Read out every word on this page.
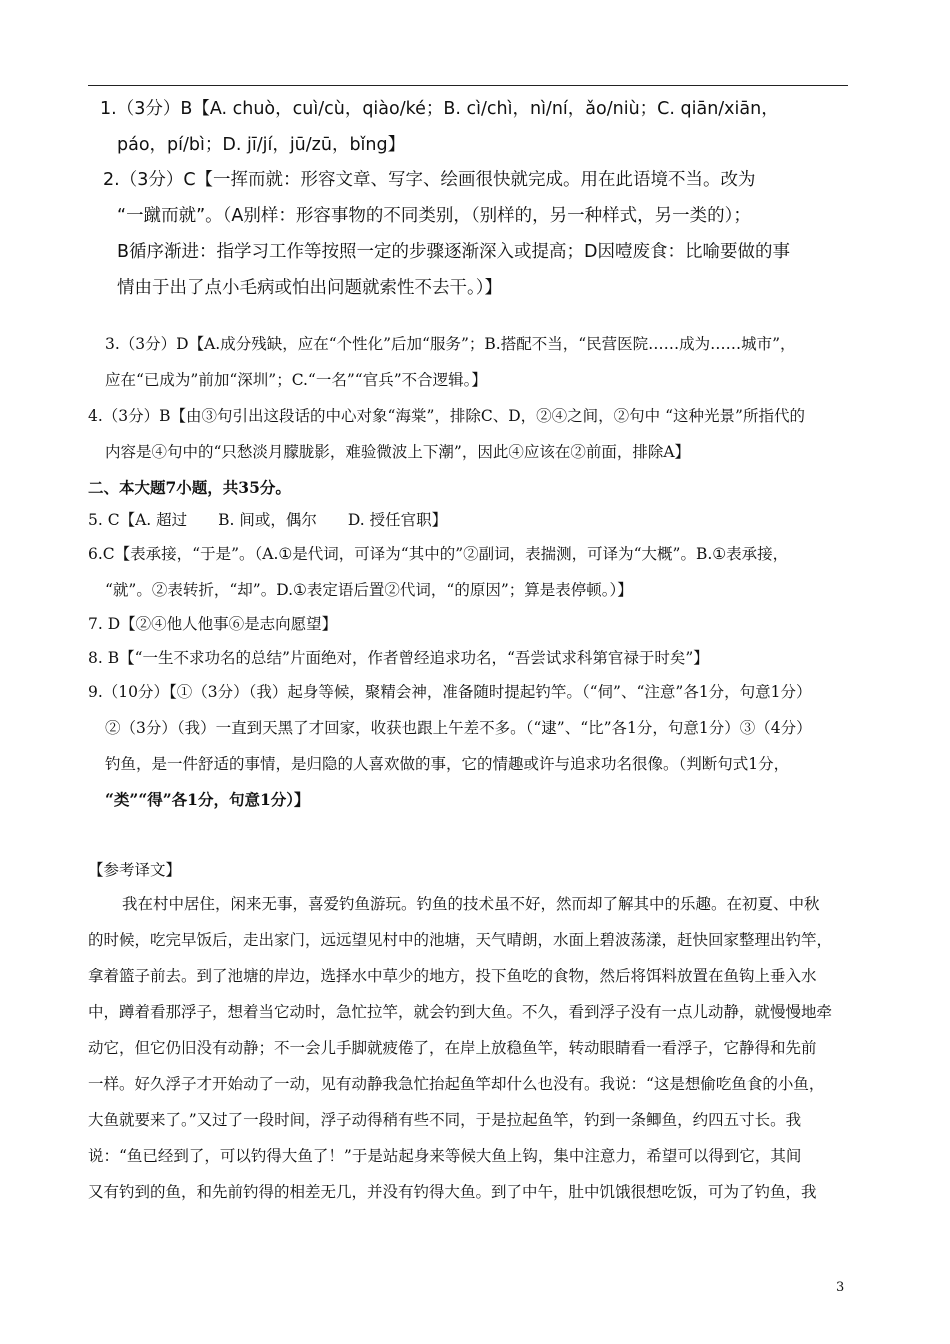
1.（3分）B【A. chuò，cuì/cù，qiào/ké；B. cì/chì，nì/ní，ǎo/niù；C. qiān/xiān，
páo，pí/bì；D. jī/jí，jū/zū，bǐng】
2.（3分）C【一挥而就：形容文章、写字、绘画很快就完成。用在此语境不当。改为
“一蹴而就”。（A别样：形容事物的不同类别，（别样的，另一种样式，另一类的）；
B循序渐进：指学习工作等按照一定的步骤逐渐深入或提高；D因噎废食：比喻要做的事
情由于出了点小毛病或怕出问题就索性不去干。）】
3.（3分）D【A.成分残缺，应在“个性化”后加“服务”；B.搭配不当，“民营医院……成为……城市”，
应在“已成为”前加“深圳”；C.“一名”“官兵”不合逻辑。】
4.（3分）B【由③句引出这段话的中心对象“海棠”，排除C、D，②④之间，②句中 “这种光景”所指代的
内容是④句中的“只愁淡月朦胧影，难验微波上下潮”，因此④应该在②前面，排除A】
二、本大题7小题，共35分。
5. C【A. 超过　　B. 间或，偶尔　　D. 授任官职】
6.C【表承接，“于是”。（A.①是代词，可译为“其中的”②副词，表揣测，可译为“大概”。B.①表承接，
“就”。②表转折，“却”。D.①表定语后置②代词，“的原因”；算是表停顿。）】
7. D【②④他人他事⑥是志向愿望】
8. B【“一生不求功名的总结”片面绝对，作者曾经追求功名，“吾尝试求科第官禄于时矣”】
9.（10分）【①（3分）（我）起身等候，聚精会神，准备随时提起钓竿。（“伺”、“注意”各1分，句意1分）
②（3分）（我）一直到天黑了才回家，收获也跟上午差不多。（“逮”、“比”各1分，句意1分）③（4分）
钓鱼，是一件舒适的事情，是归隐的人喜欢做的事，它的情趣或许与追求功名很像。（判断句式1分，
“类”“得”各1分，句意1分）】
【参考译文】
我在村中居住，闲来无事，喜爱钓鱼游玩。钓鱼的技术虽不好，然而却了解其中的乐趣。在初夏、中秋
的时候，吃完早饭后，走出家门，远远望见村中的池塘，天气晴朗，水面上碧波荡漾，赶快回家整理出钓竿，
拿着篮子前去。到了池塘的岸边，选择水中草少的地方，投下鱼吃的食物，然后将饵料放置在鱼钩上垂入水
中，蹲着看那浮子，想着当它动时，急忙拉竿，就会钓到大鱼。不久，看到浮子没有一点儿动静，就慢慢地牵
动它，但它仍旧没有动静；不一会儿手脚就疲倦了，在岸上放稳鱼竿，转动眼睛看一看浮子，它静得和先前
一样。好久浮子才开始动了一动，见有动静我急忙抬起鱼竿却什么也没有。我说：“这是想偷吃鱼食的小鱼，
大鱼就要来了。”又过了一段时间，浮子动得稍有些不同，于是拉起鱼竿，钓到一条鲫鱼，约四五寸长。我
说：“鱼已经到了，可以钓得大鱼了！”于是站起身来等候大鱼上钩，集中注意力，希望可以得到它，其间
又有钓到的鱼，和先前钓得的相差无几，并没有钓得大鱼。到了中午，肚中饥饿很想吃饭，可为了钓鱼，我
3
